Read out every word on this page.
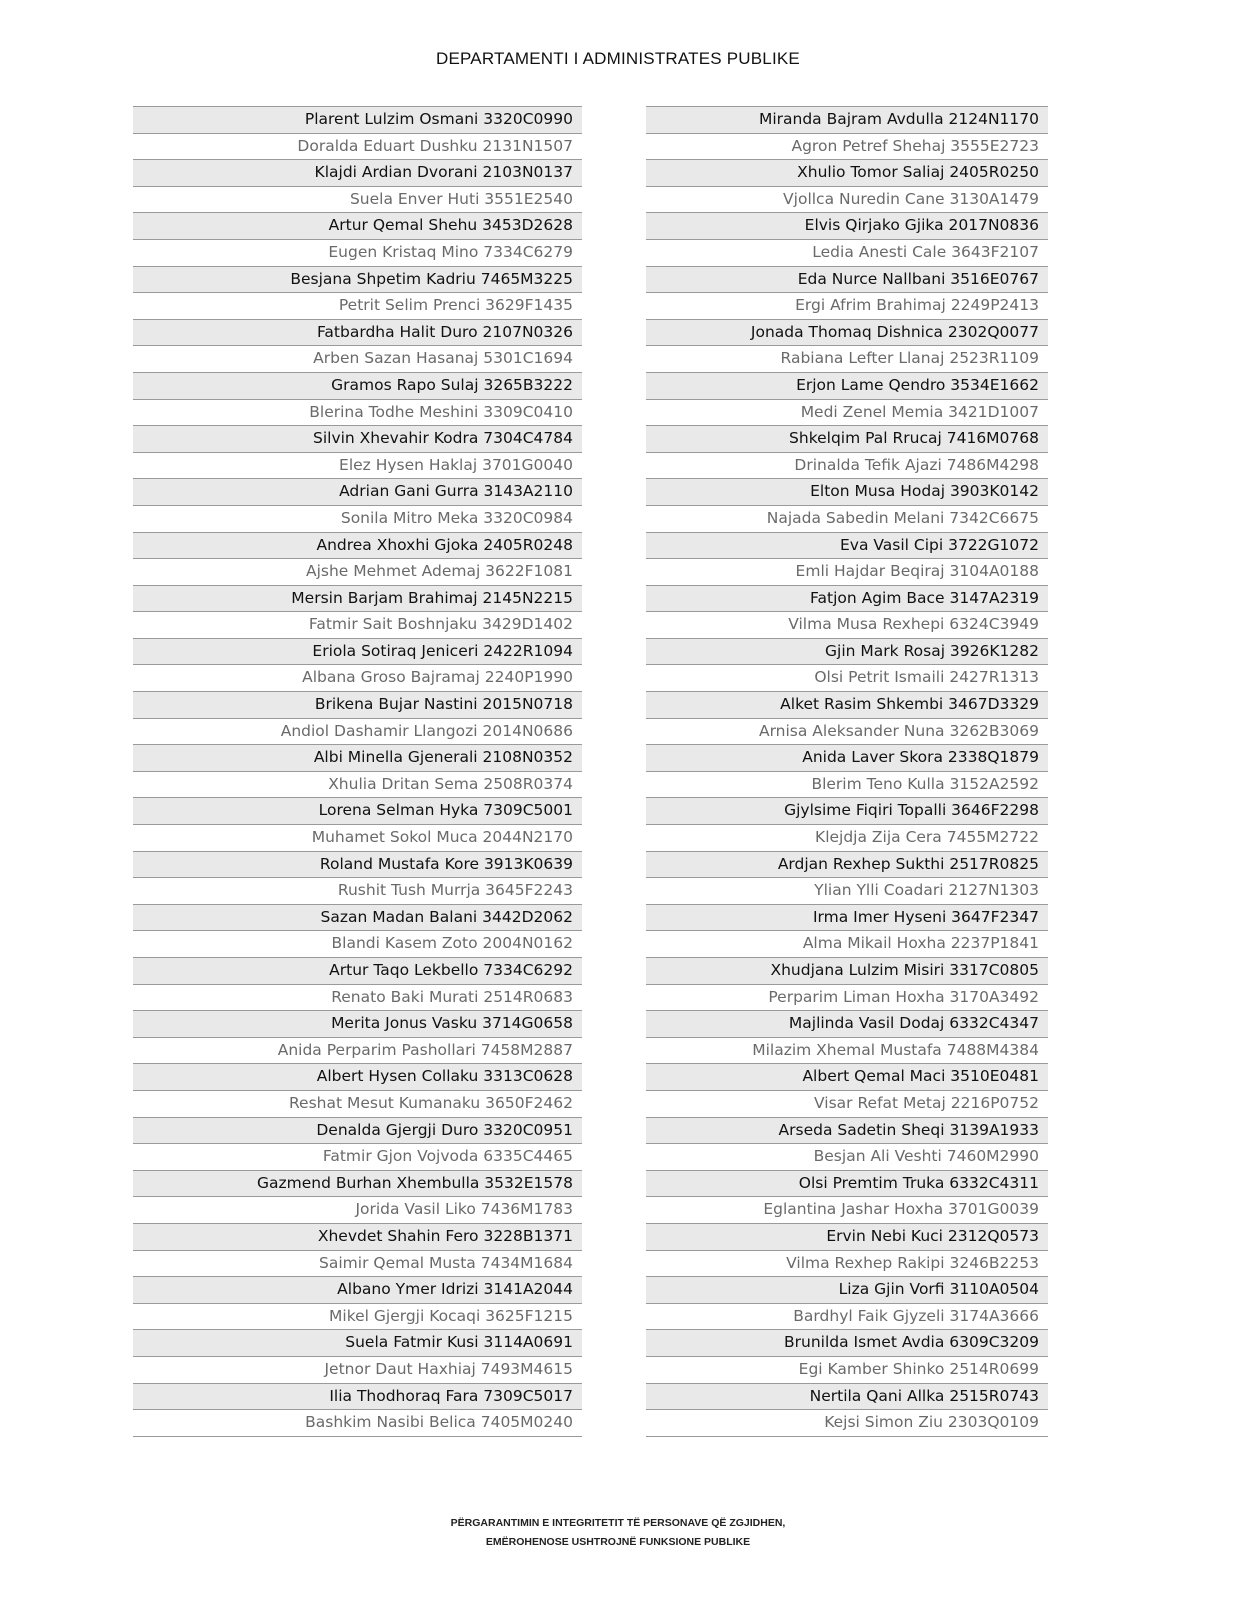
DEPARTAMENTI I ADMINISTRATES PUBLIKE
Plarent Lulzim Osmani 3320C0990
Doralda Eduart Dushku 2131N1507
Klajdi Ardian Dvorani 2103N0137
Suela Enver Huti 3551E2540
Artur Qemal Shehu 3453D2628
Eugen Kristaq Mino 7334C6279
Besjana Shpetim Kadriu 7465M3225
Petrit Selim Prenci 3629F1435
Fatbardha Halit Duro 2107N0326
Arben Sazan Hasanaj 5301C1694
Gramos Rapo Sulaj 3265B3222
Blerina Todhe Meshini 3309C0410
Silvin Xhevahir Kodra 7304C4784
Elez Hysen Haklaj 3701G0040
Adrian Gani Gurra 3143A2110
Sonila Mitro Meka 3320C0984
Andrea Xhoxhi Gjoka 2405R0248
Ajshe Mehmet Ademaj 3622F1081
Mersin Barjam Brahimaj 2145N2215
Fatmir Sait Boshnjaku 3429D1402
Eriola Sotiraq Jeniceri 2422R1094
Albana Groso Bajramaj 2240P1990
Brikena Bujar Nastini 2015N0718
Andiol Dashamir Llangozi 2014N0686
Albi Minella Gjenerali 2108N0352
Xhulia Dritan Sema 2508R0374
Lorena Selman Hyka 7309C5001
Muhamet Sokol Muca 2044N2170
Roland Mustafa Kore 3913K0639
Rushit Tush Murrja 3645F2243
Sazan Madan Balani 3442D2062
Blandi Kasem Zoto 2004N0162
Artur Taqo Lekbello 7334C6292
Renato Baki Murati 2514R0683
Merita Jonus Vasku 3714G0658
Anida Perparim Pashollari 7458M2887
Albert Hysen Collaku 3313C0628
Reshat Mesut Kumanaku 3650F2462
Denalda Gjergji Duro 3320C0951
Fatmir Gjon Vojvoda 6335C4465
Gazmend Burhan Xhembulla 3532E1578
Jorida Vasil Liko 7436M1783
Xhevdet Shahin Fero 3228B1371
Saimir Qemal Musta 7434M1684
Albano Ymer Idrizi 3141A2044
Mikel Gjergji Kocaqi 3625F1215
Suela Fatmir Kusi 3114A0691
Jetnor Daut Haxhiaj 7493M4615
Ilia Thodhoraq Fara 7309C5017
Bashkim Nasibi Belica 7405M0240
Miranda Bajram Avdulla 2124N1170
Agron Petref Shehaj 3555E2723
Xhulio Tomor Saliaj 2405R0250
Vjollca Nuredin Cane 3130A1479
Elvis Qirjako Gjika 2017N0836
Ledia Anesti Cale 3643F2107
Eda Nurce Nallbani 3516E0767
Ergi Afrim Brahimaj 2249P2413
Jonada Thomaq Dishnica 2302Q0077
Rabiana Lefter Llanaj 2523R1109
Erjon Lame Qendro 3534E1662
Medi Zenel Memia 3421D1007
Shkelqim Pal Rrucaj 7416M0768
Drinalda Tefik Ajazi 7486M4298
Elton Musa Hodaj 3903K0142
Najada Sabedin Melani 7342C6675
Eva Vasil Cipi 3722G1072
Emli Hajdar Beqiraj 3104A0188
Fatjon Agim Bace 3147A2319
Vilma Musa Rexhepi 6324C3949
Gjin Mark Rosaj 3926K1282
Olsi Petrit Ismaili 2427R1313
Alket Rasim Shkembi 3467D3329
Arnisa Aleksander Nuna 3262B3069
Anida Laver Skora 2338Q1879
Blerim Teno Kulla 3152A2592
Gjylsime Fiqiri Topalli 3646F2298
Klejdja Zija Cera 7455M2722
Ardjan Rexhep Sukthi 2517R0825
Ylian Ylli Coadari 2127N1303
Irma Imer Hyseni 3647F2347
Alma Mikail Hoxha 2237P1841
Xhudjana Lulzim Misiri 3317C0805
Perparim Liman Hoxha 3170A3492
Majlinda Vasil Dodaj 6332C4347
Milazim Xhemal Mustafa 7488M4384
Albert Qemal Maci 3510E0481
Visar Refat Metaj 2216P0752
Arseda Sadetin Sheqi 3139A1933
Besjan Ali Veshti 7460M2990
Olsi Premtim Truka 6332C4311
Eglantina Jashar Hoxha 3701G0039
Ervin Nebi Kuci 2312Q0573
Vilma Rexhep Rakipi 3246B2253
Liza Gjin Vorfi 3110A0504
Bardhyl Faik Gjyzeli 3174A3666
Brunilda Ismet Avdia 6309C3209
Egi Kamber Shinko 2514R0699
Nertila Qani Allka 2515R0743
Kejsi Simon Ziu 2303Q0109
PËRGARANTIMIN E INTEGRITETIT TË PERSONAVE QË ZGJIDHEN,
EMËROHENOSE USHTROJNË FUNKSIONE PUBLIKE
